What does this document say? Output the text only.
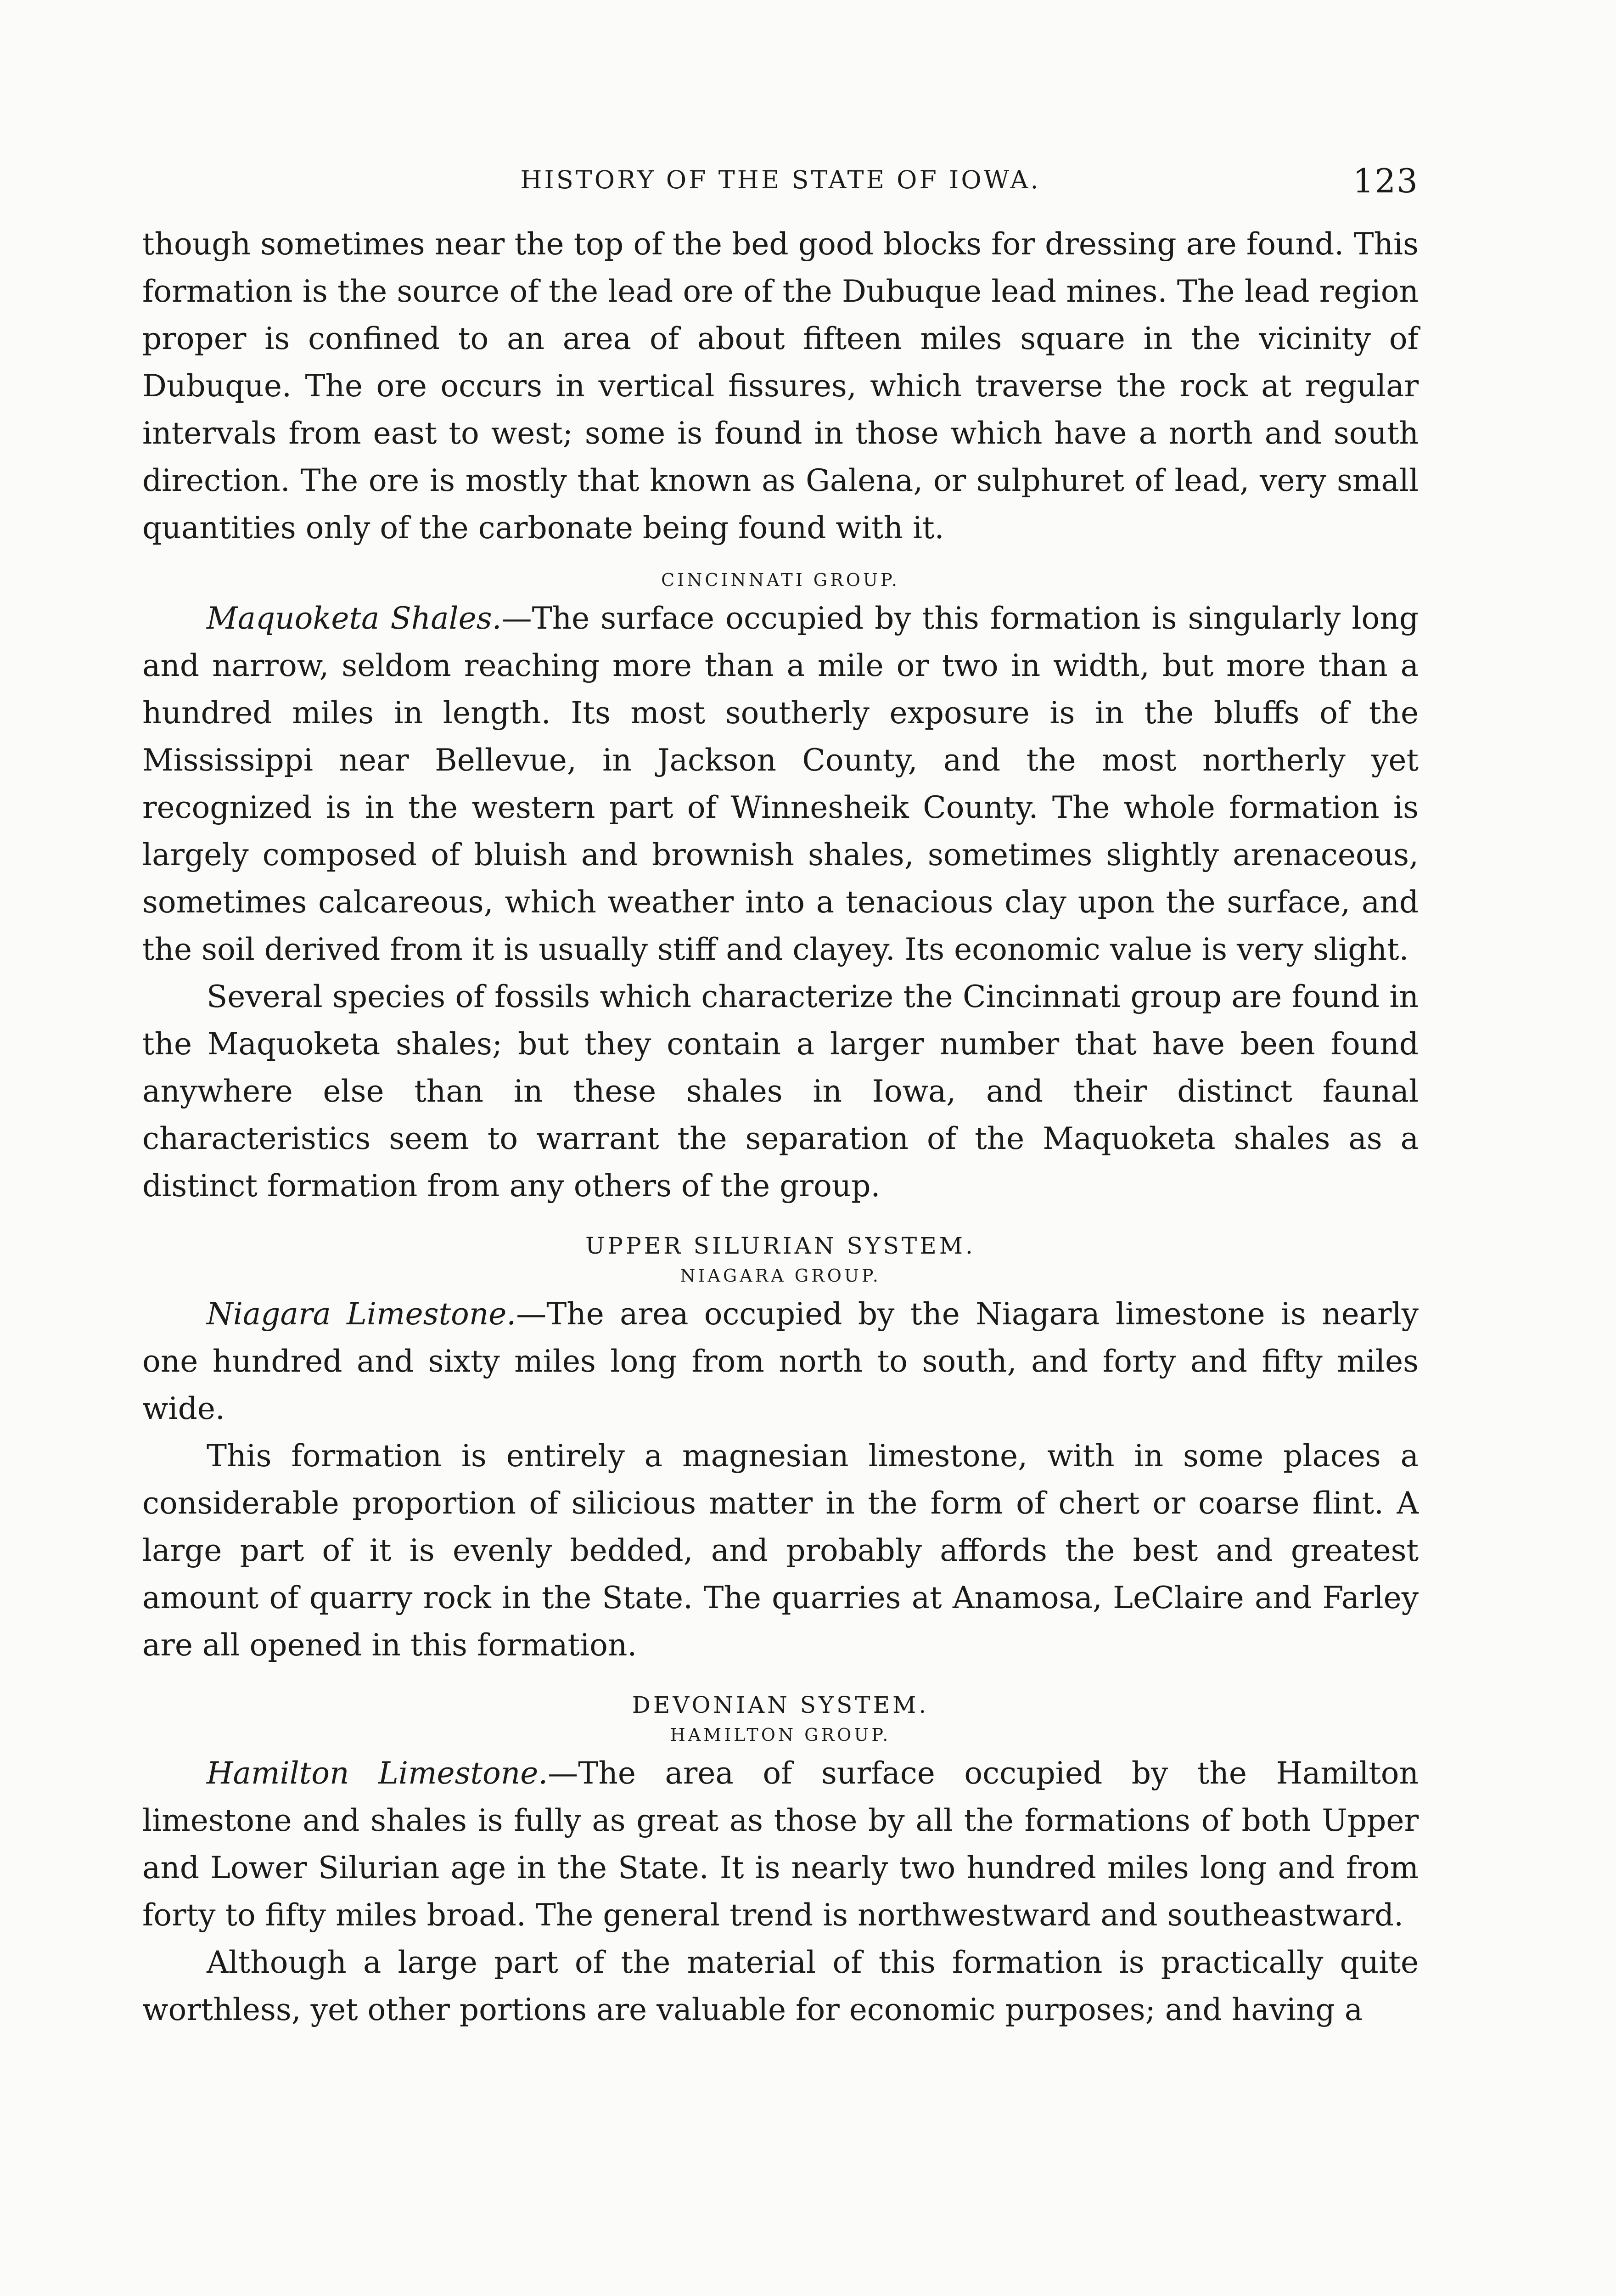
HISTORY OF THE STATE OF IOWA.	123

though sometimes near the top of the bed good blocks for dressing are found. This formation is the source of the lead ore of the Dubuque lead mines. The lead region proper is confined to an area of about fifteen miles square in the vicinity of Dubuque. The ore occurs in vertical fissures, which traverse the rock at regular intervals from east to west; some is found in those which have a north and south direction. The ore is mostly that known as Galena, or sulphuret of lead, very small quantities only of the carbonate being found with it.

CINCINNATI GROUP.

Maquoketa Shales.—The surface occupied by this formation is singularly long and narrow, seldom reaching more than a mile or two in width, but more than a hundred miles in length. Its most southerly exposure is in the bluffs of the Mississippi near Bellevue, in Jackson County, and the most northerly yet recognized is in the western part of Winnesheik County. The whole formation is largely composed of bluish and brownish shales, sometimes slightly arenaceous, sometimes calcareous, which weather into a tenacious clay upon the surface, and the soil derived from it is usually stiff and clayey. Its economic value is very slight.

Several species of fossils which characterize the Cincinnati group are found in the Maquoketa shales; but they contain a larger number that have been found anywhere else than in these shales in Iowa, and their distinct faunal characteristics seem to warrant the separation of the Maquoketa shales as a distinct formation from any others of the group.

UPPER SILURIAN SYSTEM.
NIAGARA GROUP.

Niagara Limestone.—The area occupied by the Niagara limestone is nearly one hundred and sixty miles long from north to south, and forty and fifty miles wide.

This formation is entirely a magnesian limestone, with in some places a considerable proportion of silicious matter in the form of chert or coarse flint. A large part of it is evenly bedded, and probably affords the best and greatest amount of quarry rock in the State. The quarries at Anamosa, LeClaire and Farley are all opened in this formation.

DEVONIAN SYSTEM.
HAMILTON GROUP.

Hamilton Limestone.—The area of surface occupied by the Hamilton limestone and shales is fully as great as those by all the formations of both Upper and Lower Silurian age in the State. It is nearly two hundred miles long and from forty to fifty miles broad. The general trend is northwestward and southeastward.

Although a large part of the material of this formation is practically quite worthless, yet other portions are valuable for economic purposes; and having a
